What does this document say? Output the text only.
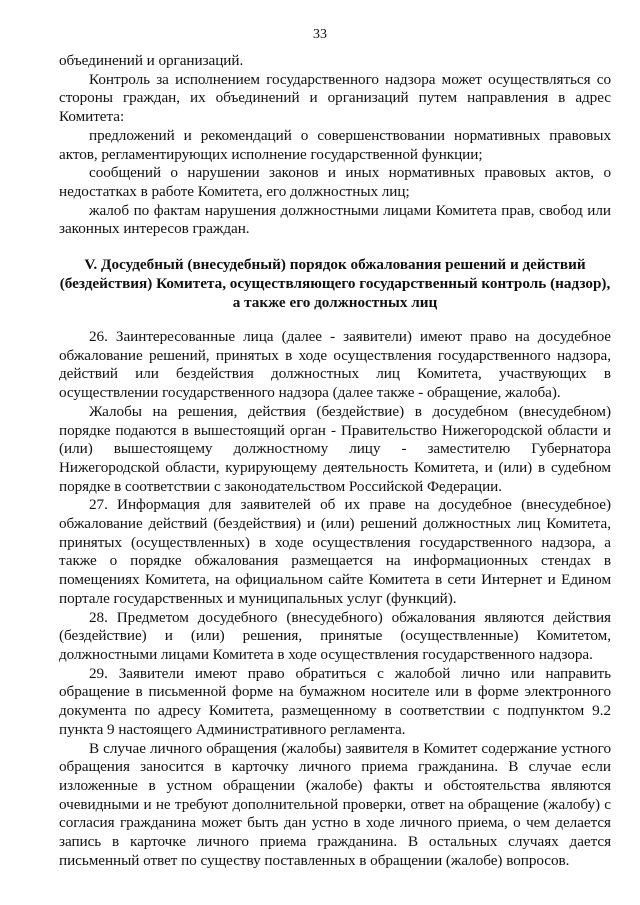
33

объединений и организаций.

Контроль за исполнением государственного надзора может осуществляться со стороны граждан, их объединений и организаций путем направления в адрес Комитета:

предложений и рекомендаций о совершенствовании нормативных правовых актов, регламентирующих исполнение государственной функции;

сообщений о нарушении законов и иных нормативных правовых актов, о недостатках в работе Комитета, его должностных лиц;

жалоб по фактам нарушения должностными лицами Комитета прав, свобод или законных интересов граждан.

V. Досудебный (внесудебный) порядок обжалования решений и действий (бездействия) Комитета, осуществляющего государственный контроль (надзор), а также его должностных лиц

26. Заинтересованные лица (далее - заявители) имеют право на досудебное обжалование решений, принятых в ходе осуществления государственного надзора, действий или бездействия должностных лиц Комитета, участвующих в осуществлении государственного надзора (далее также - обращение, жалоба).

Жалобы на решения, действия (бездействие) в досудебном (внесудебном) порядке подаются в вышестоящий орган - Правительство Нижегородской области и (или) вышестоящему должностному лицу - заместителю Губернатора Нижегородской области, курирующему деятельность Комитета, и (или) в судебном порядке в соответствии с законодательством Российской Федерации.

27. Информация для заявителей об их праве на досудебное (внесудебное) обжалование действий (бездействия) и (или) решений должностных лиц Комитета, принятых (осуществленных) в ходе осуществления государственного надзора, а также о порядке обжалования размещается на информационных стендах в помещениях Комитета, на официальном сайте Комитета в сети Интернет и Едином портале государственных и муниципальных услуг (функций).

28. Предметом досудебного (внесудебного) обжалования являются действия (бездействие) и (или) решения, принятые (осуществленные) Комитетом, должностными лицами Комитета в ходе осуществления государственного надзора.

29. Заявители имеют право обратиться с жалобой лично или направить обращение в письменной форме на бумажном носителе или в форме электронного документа по адресу Комитета, размещенному в соответствии с подпунктом 9.2 пункта 9 настоящего Административного регламента.

В случае личного обращения (жалобы) заявителя в Комитет содержание устного обращения заносится в карточку личного приема гражданина. В случае если изложенные в устном обращении (жалобе) факты и обстоятельства являются очевидными и не требуют дополнительной проверки, ответ на обращение (жалобу) с согласия гражданина может быть дан устно в ходе личного приема, о чем делается запись в карточке личного приема гражданина. В остальных случаях дается письменный ответ по существу поставленных в обращении (жалобе) вопросов.
